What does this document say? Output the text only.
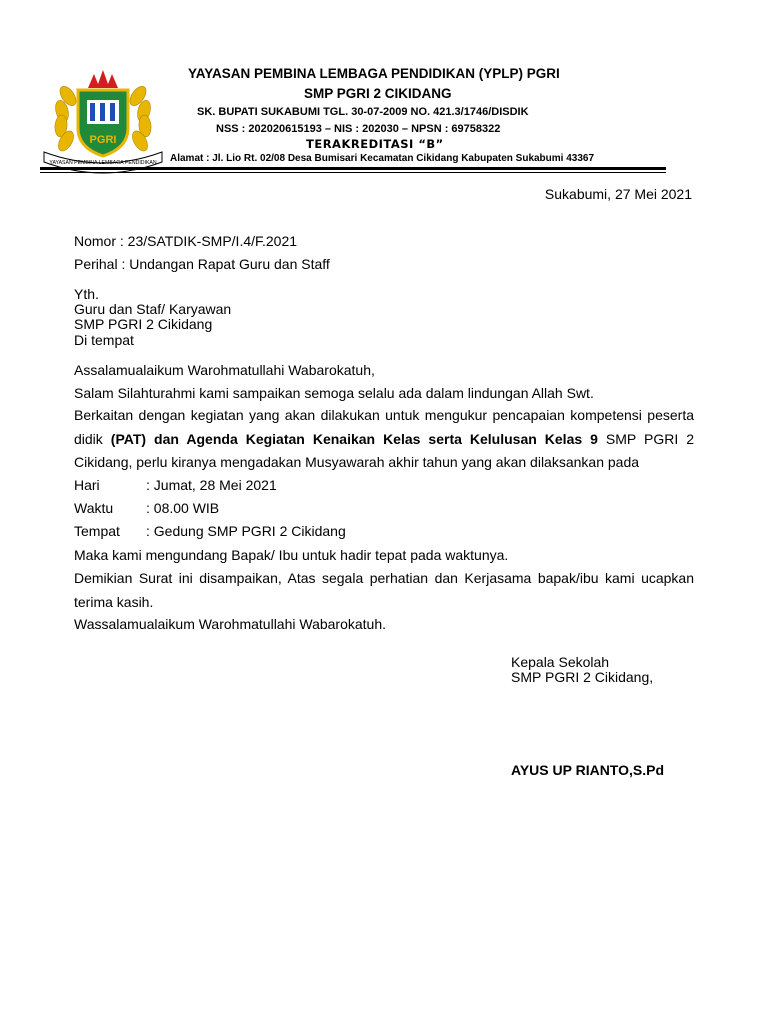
PGRI
YAYASAN PEMBINA LEMBAGA PENDIDIKAN
YAYASAN PEMBINA LEMBAGA PENDIDIKAN (YPLP) PGRI
SMP PGRI 2 CIKIDANG
SK. BUPATI SUKABUMI TGL. 30-07-2009 NO. 421.3/1746/DISDIK
NSS : 202020615193 – NIS : 202030 – NPSN : 69758322
TERAKREDITASI “B”
Alamat : Jl. Lio Rt. 02/08 Desa Bumisari Kecamatan Cikidang Kabupaten Sukabumi 43367
Sukabumi, 27 Mei 2021
Nomor : 23/SATDIK-SMP/I.4/F.2021
Perihal : Undangan Rapat Guru dan Staff
Yth.
Guru dan Staf/ Karyawan
SMP PGRI 2 Cikidang
Di tempat
Assalamualaikum Warohmatullahi Wabarokatuh,
Salam Silahturahmi kami sampaikan semoga selalu ada dalam lindungan Allah Swt.
Berkaitan dengan kegiatan yang akan dilakukan untuk mengukur pencapaian kompetensi peserta
didik (PAT) dan Agenda Kegiatan Kenaikan Kelas serta Kelulusan Kelas 9 SMP PGRI 2
Cikidang, perlu kiranya mengadakan Musyawarah akhir tahun yang akan dilaksankan pada
Hari	: Jumat, 28 Mei 2021
Waktu : 08.00 WIB
Tempat : Gedung SMP PGRI 2 Cikidang
Maka kami mengundang Bapak/ Ibu untuk hadir tepat pada waktunya.
Demikian Surat ini disampaikan, Atas segala perhatian dan Kerjasama bapak/ibu kami ucapkan
terima kasih.
Wassalamualaikum Warohmatullahi Wabarokatuh.
Kepala Sekolah
SMP PGRI 2 Cikidang,
AYUS UP RIANTO,S.Pd
